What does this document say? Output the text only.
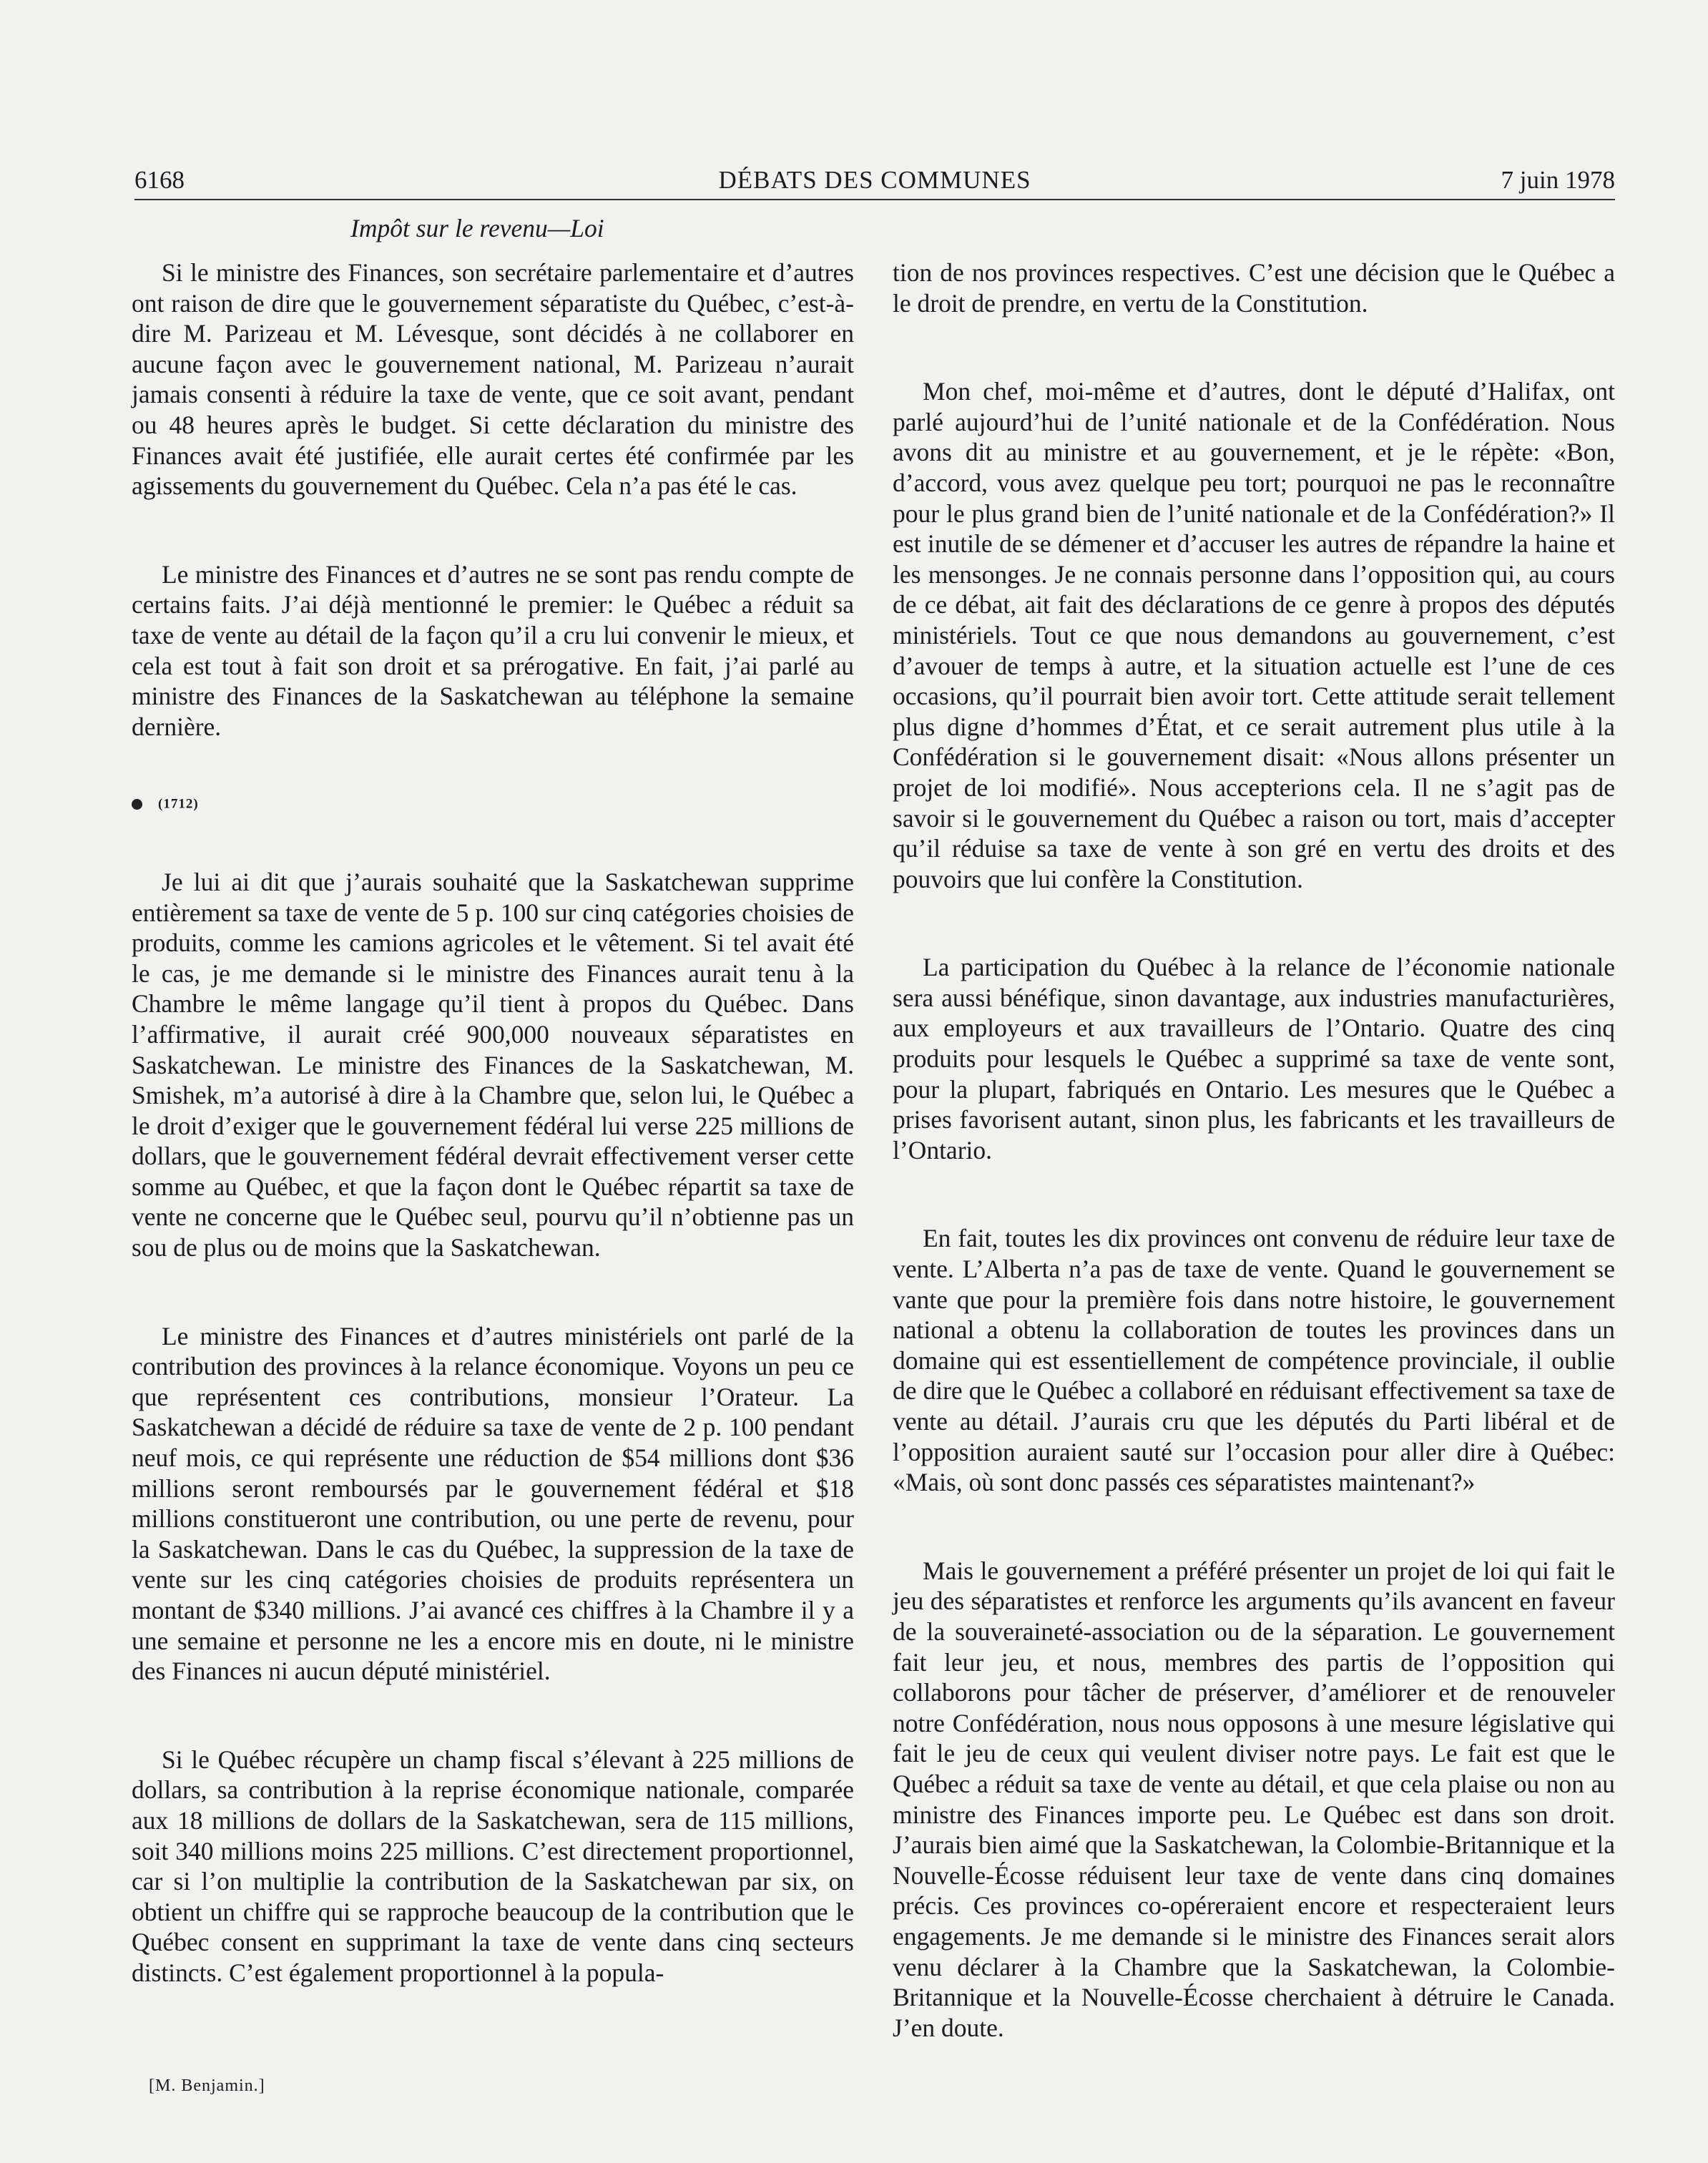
6168	DÉBATS DES COMMUNES	7 juin 1978

Impôt sur le revenu—Loi

Si le ministre des Finances, son secrétaire parlementaire et d’autres ont raison de dire que le gouvernement séparatiste du Québec, c’est-à-dire M. Parizeau et M. Lévesque, sont décidés à ne collaborer en aucune façon avec le gouvernement national, M. Parizeau n’aurait jamais consenti à réduire la taxe de vente, que ce soit avant, pendant ou 48 heures après le budget. Si cette déclaration du ministre des Finances avait été justifiée, elle aurait certes été confirmée par les agissements du gouvernement du Québec. Cela n’a pas été le cas.

Le ministre des Finances et d’autres ne se sont pas rendu compte de certains faits. J’ai déjà mentionné le premier: le Québec a réduit sa taxe de vente au détail de la façon qu’il a cru lui convenir le mieux, et cela est tout à fait son droit et sa prérogative. En fait, j’ai parlé au ministre des Finances de la Saskatchewan au téléphone la semaine dernière.

(1712)

Je lui ai dit que j’aurais souhaité que la Saskatchewan supprime entièrement sa taxe de vente de 5 p. 100 sur cinq catégories choisies de produits, comme les camions agricoles et le vêtement. Si tel avait été le cas, je me demande si le ministre des Finances aurait tenu à la Chambre le même langage qu’il tient à propos du Québec. Dans l’affirmative, il aurait créé 900,000 nouveaux séparatistes en Saskatchewan. Le ministre des Finances de la Saskatchewan, M. Smishek, m’a autorisé à dire à la Chambre que, selon lui, le Québec a le droit d’exiger que le gouvernement fédéral lui verse 225 millions de dollars, que le gouvernement fédéral devrait effectivement verser cette somme au Québec, et que la façon dont le Québec répartit sa taxe de vente ne concerne que le Québec seul, pourvu qu’il n’obtienne pas un sou de plus ou de moins que la Saskatchewan.

Le ministre des Finances et d’autres ministériels ont parlé de la contribution des provinces à la relance économique. Voyons un peu ce que représentent ces contributions, monsieur l’Orateur. La Saskatchewan a décidé de réduire sa taxe de vente de 2 p. 100 pendant neuf mois, ce qui représente une réduction de $54 millions dont $36 millions seront remboursés par le gouvernement fédéral et $18 millions constitueront une contribution, ou une perte de revenu, pour la Saskatchewan. Dans le cas du Québec, la suppression de la taxe de vente sur les cinq catégories choisies de produits représentera un montant de $340 millions. J’ai avancé ces chiffres à la Chambre il y a une semaine et personne ne les a encore mis en doute, ni le ministre des Finances ni aucun député ministériel.

Si le Québec récupère un champ fiscal s’élevant à 225 millions de dollars, sa contribution à la reprise économique nationale, comparée aux 18 millions de dollars de la Saskatchewan, sera de 115 millions, soit 340 millions moins 225 millions. C’est directement proportionnel, car si l’on multiplie la contribution de la Saskatchewan par six, on obtient un chiffre qui se rapproche beaucoup de la contribution que le Québec consent en supprimant la taxe de vente dans cinq secteurs distincts. C’est également proportionnel à la popula-

tion de nos provinces respectives. C’est une décision que le Québec a le droit de prendre, en vertu de la Constitution.

Mon chef, moi-même et d’autres, dont le député d’Halifax, ont parlé aujourd’hui de l’unité nationale et de la Confédération. Nous avons dit au ministre et au gouvernement, et je le répète: «Bon, d’accord, vous avez quelque peu tort; pourquoi ne pas le reconnaître pour le plus grand bien de l’unité nationale et de la Confédération?» Il est inutile de se démener et d’accuser les autres de répandre la haine et les mensonges. Je ne connais personne dans l’opposition qui, au cours de ce débat, ait fait des déclarations de ce genre à propos des députés ministériels. Tout ce que nous demandons au gouvernement, c’est d’avouer de temps à autre, et la situation actuelle est l’une de ces occasions, qu’il pourrait bien avoir tort. Cette attitude serait tellement plus digne d’hommes d’État, et ce serait autrement plus utile à la Confédération si le gouvernement disait: «Nous allons présenter un projet de loi modifié». Nous accepterions cela. Il ne s’agit pas de savoir si le gouvernement du Québec a raison ou tort, mais d’accepter qu’il réduise sa taxe de vente à son gré en vertu des droits et des pouvoirs que lui confère la Constitution.

La participation du Québec à la relance de l’économie nationale sera aussi bénéfique, sinon davantage, aux industries manufacturières, aux employeurs et aux travailleurs de l’Ontario. Quatre des cinq produits pour lesquels le Québec a supprimé sa taxe de vente sont, pour la plupart, fabriqués en Ontario. Les mesures que le Québec a prises favorisent autant, sinon plus, les fabricants et les travailleurs de l’Ontario.

En fait, toutes les dix provinces ont convenu de réduire leur taxe de vente. L’Alberta n’a pas de taxe de vente. Quand le gouvernement se vante que pour la première fois dans notre histoire, le gouvernement national a obtenu la collaboration de toutes les provinces dans un domaine qui est essentiellement de compétence provinciale, il oublie de dire que le Québec a collaboré en réduisant effectivement sa taxe de vente au détail. J’aurais cru que les députés du Parti libéral et de l’opposition auraient sauté sur l’occasion pour aller dire à Québec: «Mais, où sont donc passés ces séparatistes maintenant?»

Mais le gouvernement a préféré présenter un projet de loi qui fait le jeu des séparatistes et renforce les arguments qu’ils avancent en faveur de la souveraineté-association ou de la séparation. Le gouvernement fait leur jeu, et nous, membres des partis de l’opposition qui collaborons pour tâcher de préserver, d’améliorer et de renouveler notre Confédération, nous nous opposons à une mesure législative qui fait le jeu de ceux qui veulent diviser notre pays. Le fait est que le Québec a réduit sa taxe de vente au détail, et que cela plaise ou non au ministre des Finances importe peu. Le Québec est dans son droit. J’aurais bien aimé que la Saskatchewan, la Colombie-Britannique et la Nouvelle-Écosse réduisent leur taxe de vente dans cinq domaines précis. Ces provinces co-opéreraient encore et respecteraient leurs engagements. Je me demande si le ministre des Finances serait alors venu déclarer à la Chambre que la Saskatchewan, la Colombie-Britannique et la Nouvelle-Écosse cherchaient à détruire le Canada. J’en doute.

[M. Benjamin.]
